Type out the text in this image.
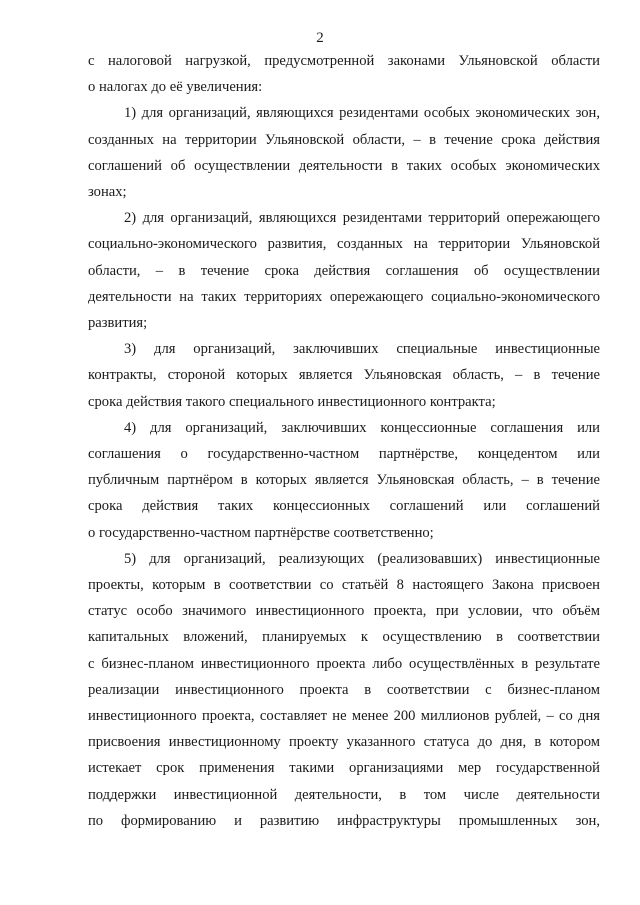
2
с налоговой нагрузкой, предусмотренной законами Ульяновской области
о налогах до её увеличения:
1) для организаций, являющихся резидентами особых экономических зон,
созданных на территории Ульяновской области, – в течение срока действия
соглашений об осуществлении деятельности в таких особых экономических
зонах;
2) для организаций, являющихся резидентами территорий опережающего
социально-экономического развития, созданных на территории Ульяновской
области, – в течение срока действия соглашения об осуществлении
деятельности на таких территориях опережающего социально-экономического
развития;
3) для организаций, заключивших специальные инвестиционные
контракты, стороной которых является Ульяновская область, – в течение
срока действия такого специального инвестиционного контракта;
4) для организаций, заключивших концессионные соглашения или
соглашения о государственно-частном партнёрстве, концедентом или
публичным партнёром в которых является Ульяновская область, – в течение
срока действия таких концессионных соглашений или соглашений
о государственно-частном партнёрстве соответственно;
5) для организаций, реализующих (реализовавших) инвестиционные
проекты, которым в соответствии со статьёй 8 настоящего Закона присвоен
статус особо значимого инвестиционного проекта, при условии, что объём
капитальных вложений, планируемых к осуществлению в соответствии
с бизнес-планом инвестиционного проекта либо осуществлённых в результате
реализации инвестиционного проекта в соответствии с бизнес-планом
инвестиционного проекта, составляет не менее 200 миллионов рублей, – со дня
присвоения инвестиционному проекту указанного статуса до дня, в котором
истекает срок применения такими организациями мер государственной
поддержки инвестиционной деятельности, в том числе деятельности
по формированию и развитию инфраструктуры промышленных зон,
